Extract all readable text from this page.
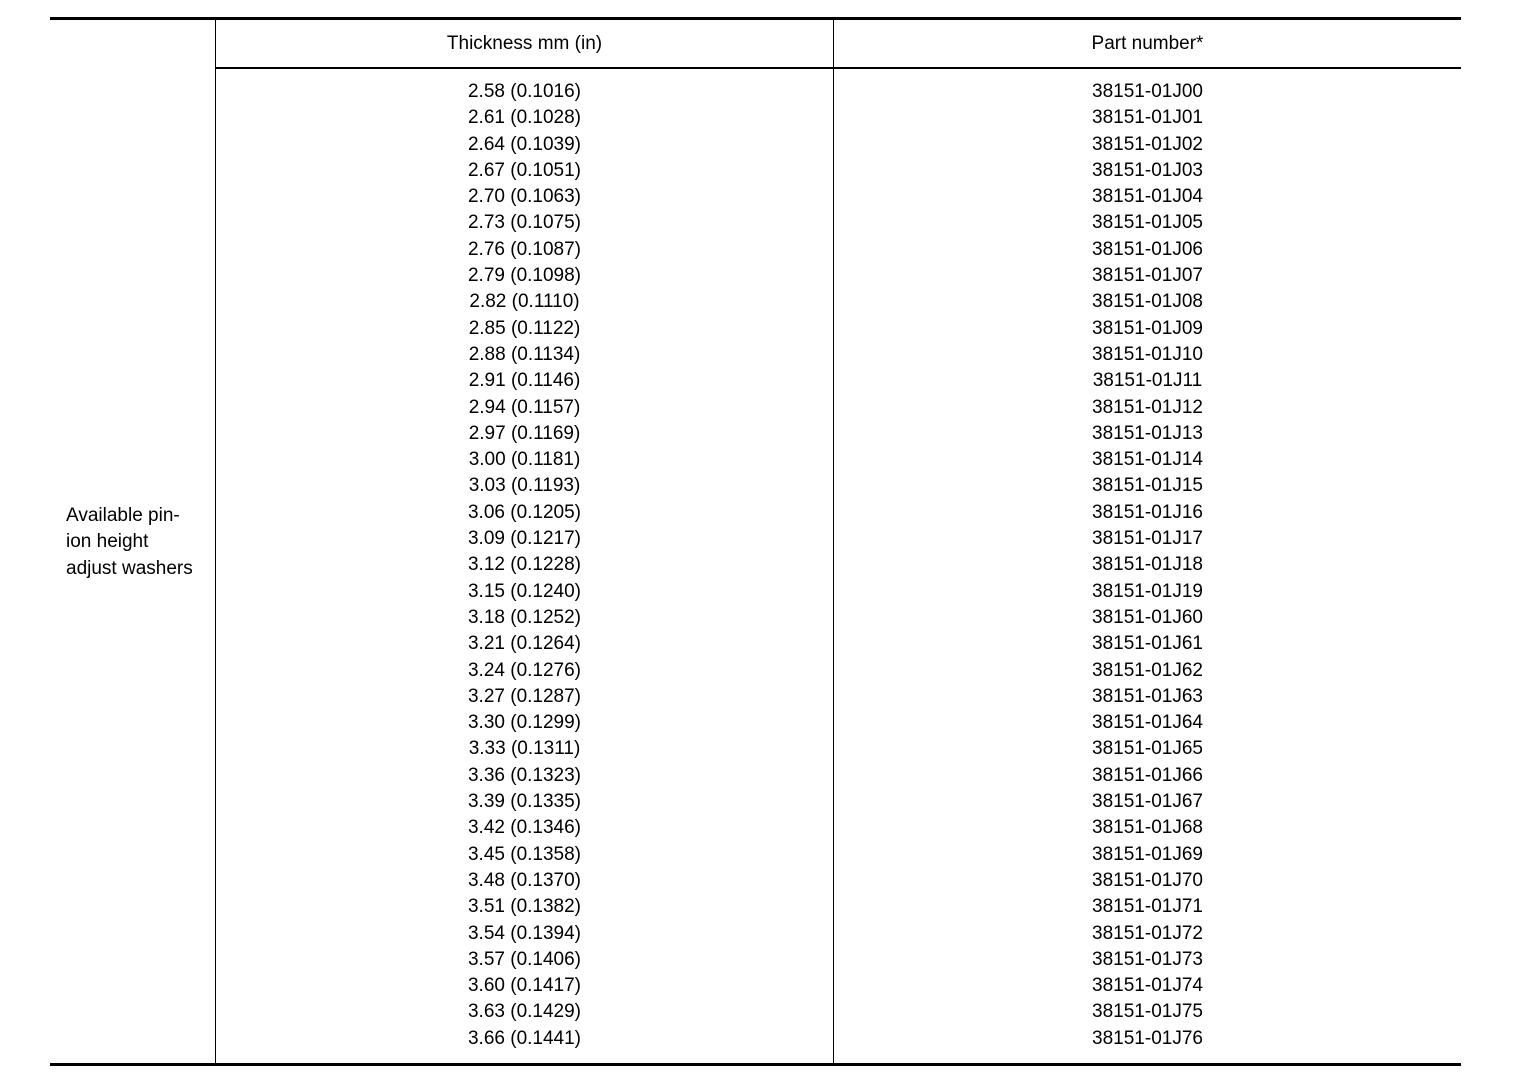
Thickness mm (in)	Part number*
Available pin-
ion height
adjust washers
2.58 (0.1016)
2.61 (0.1028)
2.64 (0.1039)
2.67 (0.1051)
2.70 (0.1063)
2.73 (0.1075)
2.76 (0.1087)
2.79 (0.1098)
2.82 (0.1110)
2.85 (0.1122)
2.88 (0.1134)
2.91 (0.1146)
2.94 (0.1157)
2.97 (0.1169)
3.00 (0.1181)
3.03 (0.1193)
3.06 (0.1205)
3.09 (0.1217)
3.12 (0.1228)
3.15 (0.1240)
3.18 (0.1252)
3.21 (0.1264)
3.24 (0.1276)
3.27 (0.1287)
3.30 (0.1299)
3.33 (0.1311)
3.36 (0.1323)
3.39 (0.1335)
3.42 (0.1346)
3.45 (0.1358)
3.48 (0.1370)
3.51 (0.1382)
3.54 (0.1394)
3.57 (0.1406)
3.60 (0.1417)
3.63 (0.1429)
3.66 (0.1441)
38151-01J00
38151-01J01
38151-01J02
38151-01J03
38151-01J04
38151-01J05
38151-01J06
38151-01J07
38151-01J08
38151-01J09
38151-01J10
38151-01J11
38151-01J12
38151-01J13
38151-01J14
38151-01J15
38151-01J16
38151-01J17
38151-01J18
38151-01J19
38151-01J60
38151-01J61
38151-01J62
38151-01J63
38151-01J64
38151-01J65
38151-01J66
38151-01J67
38151-01J68
38151-01J69
38151-01J70
38151-01J71
38151-01J72
38151-01J73
38151-01J74
38151-01J75
38151-01J76
